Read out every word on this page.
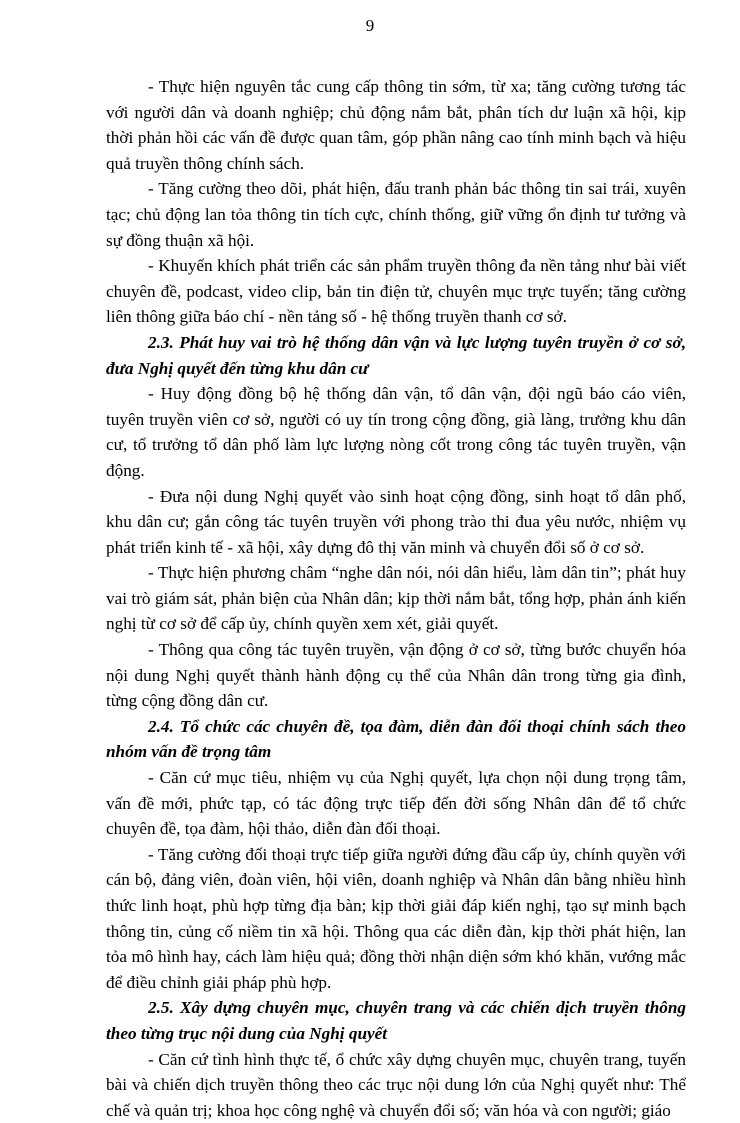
9

- Thực hiện nguyên tắc cung cấp thông tin sớm, từ xa; tăng cường tương tác với người dân và doanh nghiệp; chủ động nắm bắt, phân tích dư luận xã hội, kịp thời phản hồi các vấn đề được quan tâm, góp phần nâng cao tính minh bạch và hiệu quả truyền thông chính sách.

- Tăng cường theo dõi, phát hiện, đấu tranh phản bác thông tin sai trái, xuyên tạc; chủ động lan tỏa thông tin tích cực, chính thống, giữ vững ổn định tư tưởng và sự đồng thuận xã hội.

- Khuyến khích phát triển các sản phẩm truyền thông đa nền tảng như bài viết chuyên đề, podcast, video clip, bản tin điện tử, chuyên mục trực tuyến; tăng cường liên thông giữa báo chí - nền tảng số - hệ thống truyền thanh cơ sở.

2.3. Phát huy vai trò hệ thống dân vận và lực lượng tuyên truyền ở cơ sở, đưa Nghị quyết đến từng khu dân cư

- Huy động đồng bộ hệ thống dân vận, tổ dân vận, đội ngũ báo cáo viên, tuyên truyền viên cơ sở, người có uy tín trong cộng đồng, già làng, trưởng khu dân cư, tổ trưởng tổ dân phố làm lực lượng nòng cốt trong công tác tuyên truyền, vận động.

- Đưa nội dung Nghị quyết vào sinh hoạt cộng đồng, sinh hoạt tổ dân phố, khu dân cư; gắn công tác tuyên truyền với phong trào thi đua yêu nước, nhiệm vụ phát triển kinh tế - xã hội, xây dựng đô thị văn minh và chuyển đổi số ở cơ sở.

- Thực hiện phương châm “nghe dân nói, nói dân hiểu, làm dân tin”; phát huy vai trò giám sát, phản biện của Nhân dân; kịp thời nắm bắt, tổng hợp, phản ánh kiến nghị từ cơ sở để cấp ủy, chính quyền xem xét, giải quyết.

- Thông qua công tác tuyên truyền, vận động ở cơ sở, từng bước chuyển hóa nội dung Nghị quyết thành hành động cụ thể của Nhân dân trong từng gia đình, từng cộng đồng dân cư.

2.4. Tổ chức các chuyên đề, tọa đàm, diễn đàn đối thoại chính sách theo nhóm vấn đề trọng tâm

- Căn cứ mục tiêu, nhiệm vụ của Nghị quyết, lựa chọn nội dung trọng tâm, vấn đề mới, phức tạp, có tác động trực tiếp đến đời sống Nhân dân để tổ chức chuyên đề, tọa đàm, hội thảo, diễn đàn đối thoại.

- Tăng cường đối thoại trực tiếp giữa người đứng đầu cấp ủy, chính quyền với cán bộ, đảng viên, đoàn viên, hội viên, doanh nghiệp và Nhân dân bằng nhiều hình thức linh hoạt, phù hợp từng địa bàn; kịp thời giải đáp kiến nghị, tạo sự minh bạch thông tin, củng cố niềm tin xã hội. Thông qua các diễn đàn, kịp thời phát hiện, lan tỏa mô hình hay, cách làm hiệu quả; đồng thời nhận diện sớm khó khăn, vướng mắc để điều chỉnh giải pháp phù hợp.

2.5. Xây dựng chuyên mục, chuyên trang và các chiến dịch truyền thông theo từng trục nội dung của Nghị quyết

- Căn cứ tình hình thực tế, ổ chức xây dựng chuyên mục, chuyên trang, tuyến bài và chiến dịch truyền thông theo các trục nội dung lớn của Nghị quyết như: Thể chế và quản trị; khoa học công nghệ và chuyển đổi số; văn hóa và con người; giáo
